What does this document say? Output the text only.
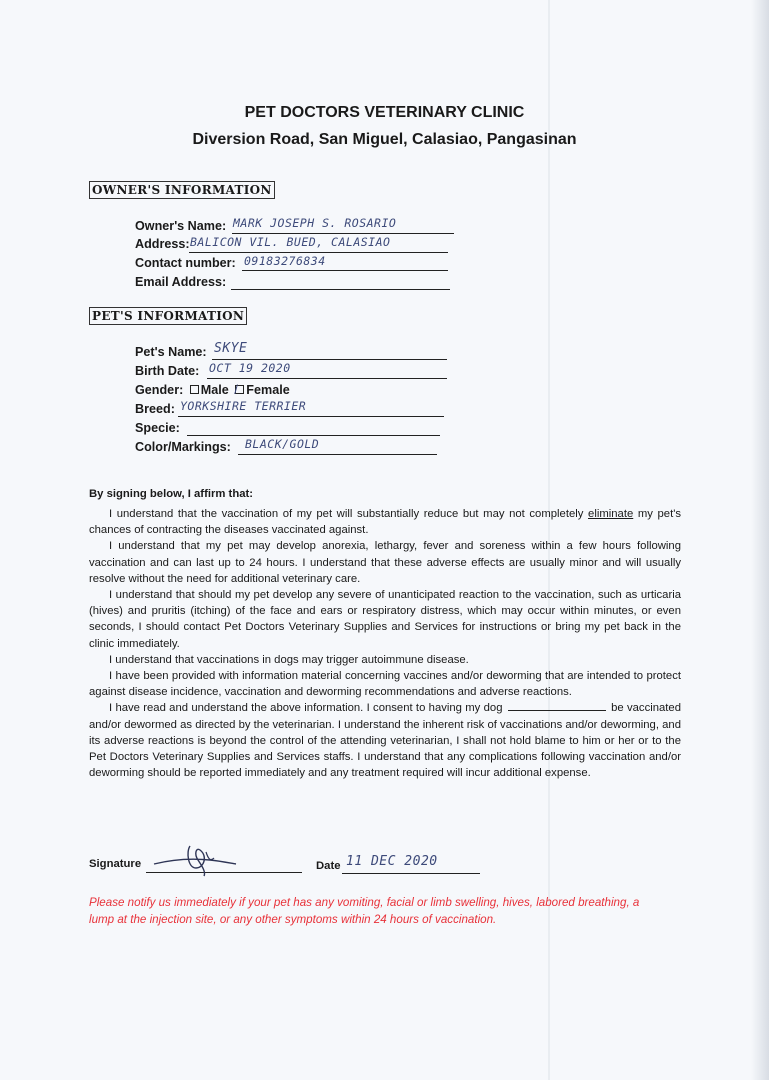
PET DOCTORS VETERINARY CLINIC
Diversion Road, San Miguel, Calasiao, Pangasinan
OWNER'S INFORMATION
Owner's Name: MARK JOSEPH S. ROSARIO
Address: BALICON VIL. BUED, CALASIAO
Contact number: 09183276834
Email Address:
PET'S INFORMATION
Pet's Name: SKYE
Birth Date: OCT 19 2020
Gender: Male / Female
Breed: YORKSHIRE TERRIER
Specie:
Color/Markings: BLACK/GOLD
By signing below, I affirm that:
I understand that the vaccination of my pet will substantially reduce but may not completely eliminate my pet's chances of contracting the diseases vaccinated against.
I understand that my pet may develop anorexia, lethargy, fever and soreness within a few hours following vaccination and can last up to 24 hours. I understand that these adverse effects are usually minor and will usually resolve without the need for additional veterinary care.
I understand that should my pet develop any severe of unanticipated reaction to the vaccination, such as urticaria (hives) and pruritis (itching) of the face and ears or respiratory distress, which may occur within minutes, or even seconds, I should contact Pet Doctors Veterinary Supplies and Services for instructions or bring my pet back in the clinic immediately.
I understand that vaccinations in dogs may trigger autoimmune disease.
I have been provided with information material concerning vaccines and/or deworming that are intended to protect against disease incidence, vaccination and deworming recommendations and adverse reactions.
I have read and understand the above information. I consent to having my dog	be vaccinated and/or dewormed as directed by the veterinarian. I understand the inherent risk of vaccinations and/or deworming, and its adverse reactions is beyond the control of the attending veterinarian, I shall not hold blame to him or her or to the Pet Doctors Veterinary Supplies and Services staffs. I understand that any complications following vaccination and/or deworming should be reported immediately and any treatment required will incur additional expense.
Signature	Date 11 DEC 2020
Please notify us immediately if your pet has any vomiting, facial or limb swelling, hives, labored breathing, a lump at the injection site, or any other symptoms within 24 hours of vaccination.
